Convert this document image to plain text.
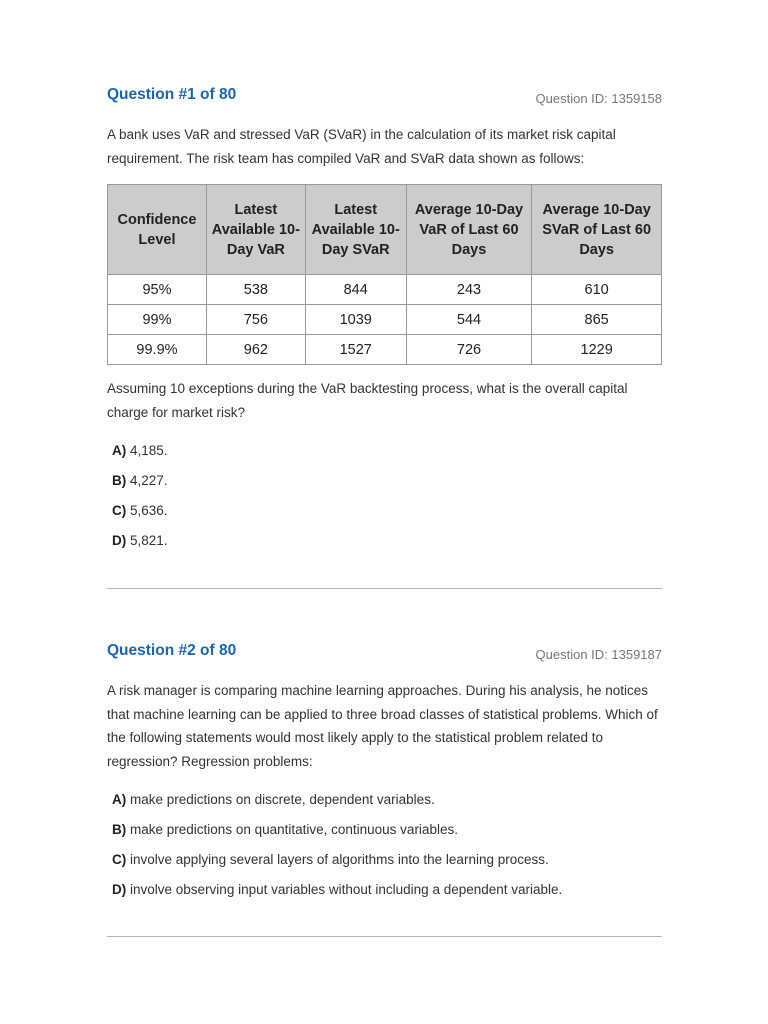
Question #1 of 80	Question ID: 1359158

A bank uses VaR and stressed VaR (SVaR) in the calculation of its market risk capital requirement. The risk team has compiled VaR and SVaR data shown as follows:

Confidence Level	Latest Available 10-Day VaR	Latest Available 10-Day SVaR	Average 10-Day VaR of Last 60 Days	Average 10-Day SVaR of Last 60 Days
95%	538	844	243	610
99%	756	1039	544	865
99.9%	962	1527	726	1229

Assuming 10 exceptions during the VaR backtesting process, what is the overall capital charge for market risk?

A) 4,185.
B) 4,227.
C) 5,636.
D) 5,821.
Question #2 of 80	Question ID: 1359187

A risk manager is comparing machine learning approaches. During his analysis, he notices that machine learning can be applied to three broad classes of statistical problems. Which of the following statements would most likely apply to the statistical problem related to regression? Regression problems:

A) make predictions on discrete, dependent variables.
B) make predictions on quantitative, continuous variables.
C) involve applying several layers of algorithms into the learning process.
D) involve observing input variables without including a dependent variable.
